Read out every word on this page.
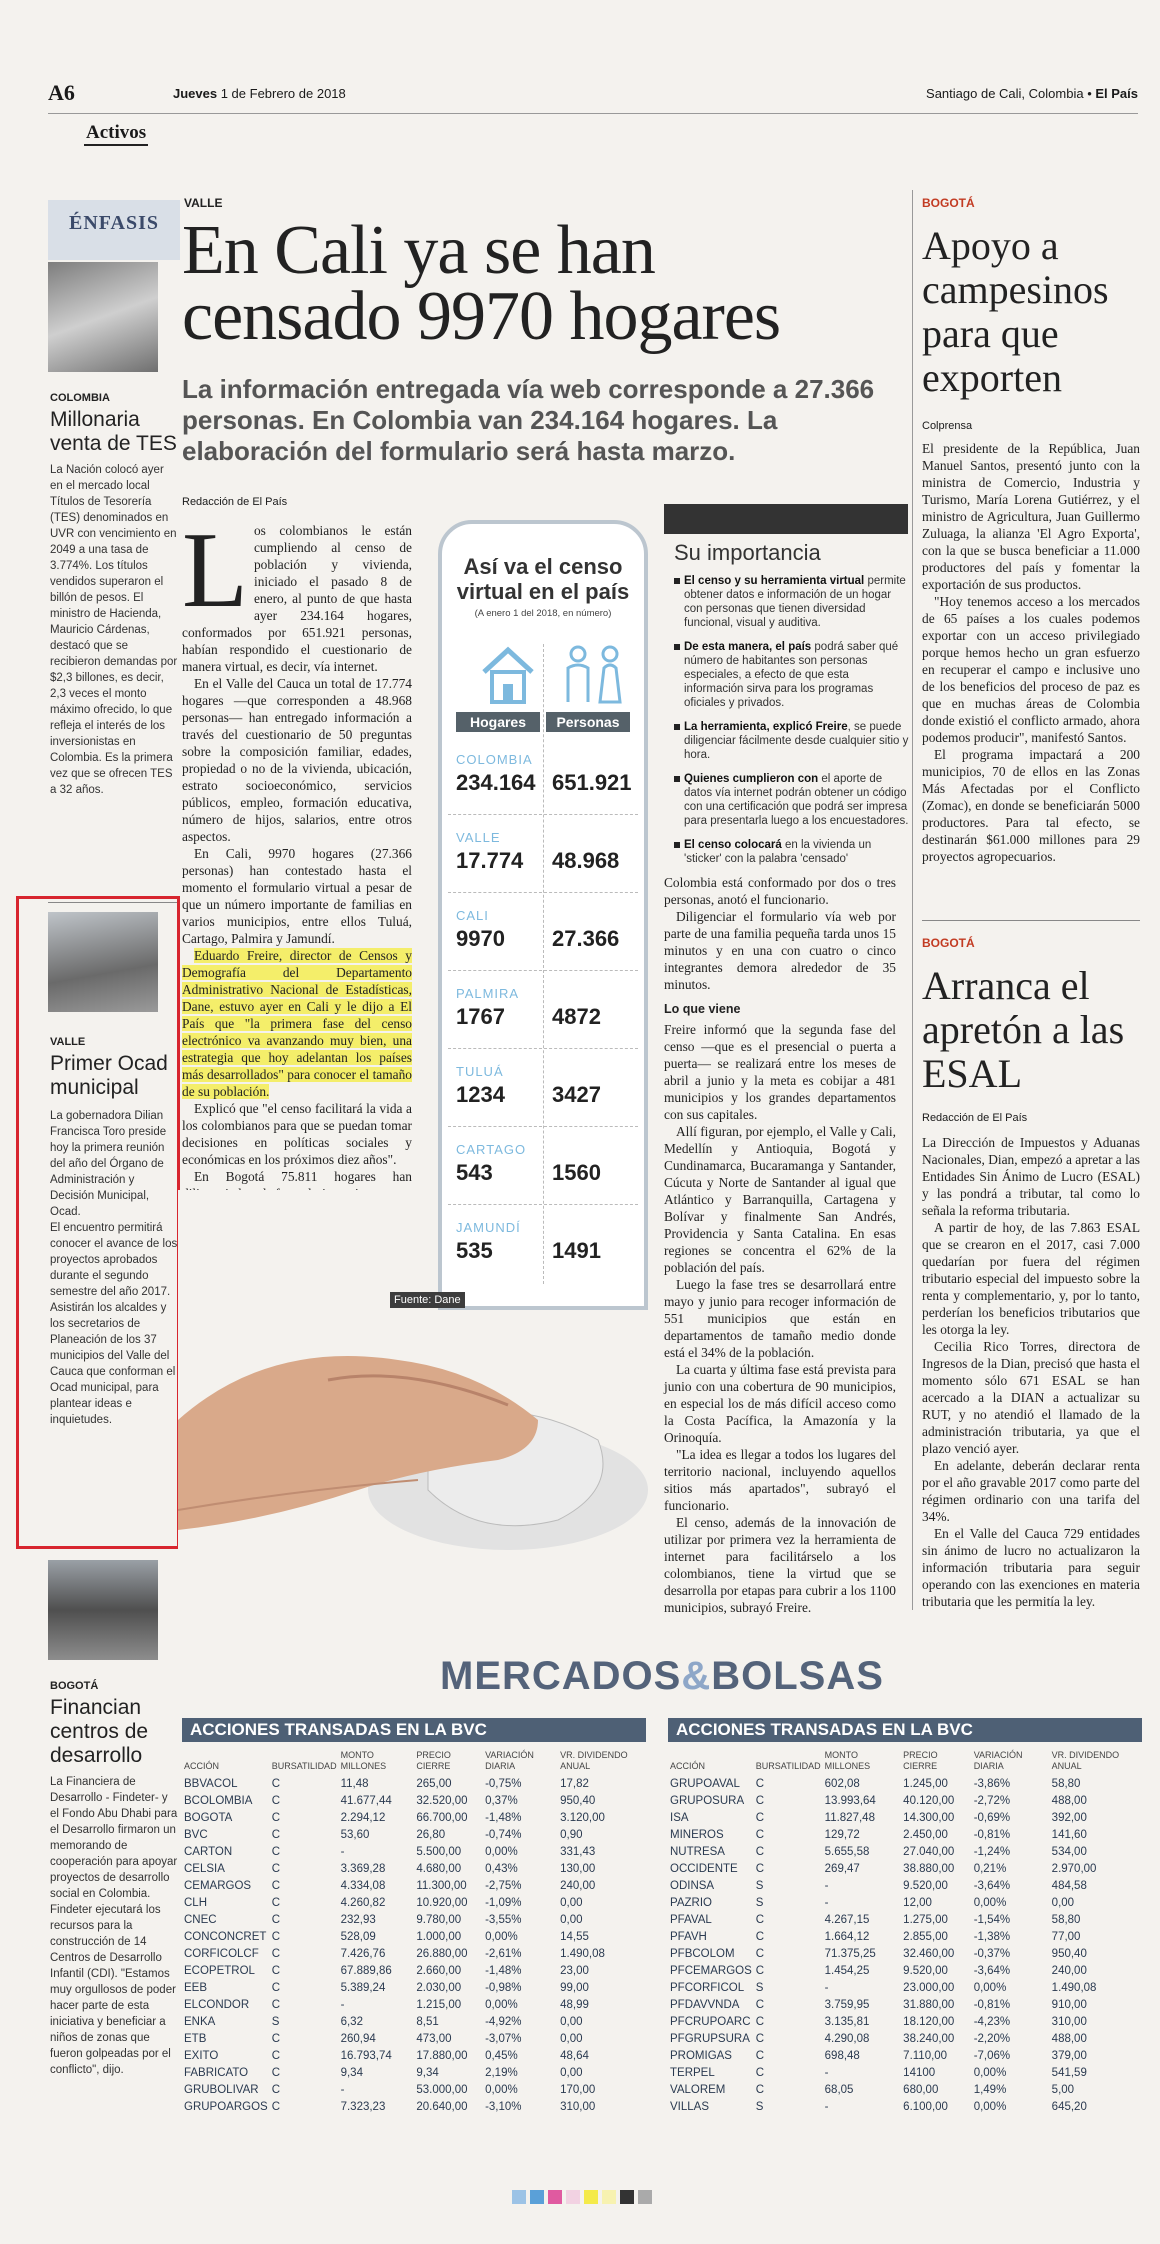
A6	Jueves 1 de Febrero de 2018	Santiago de Cali, Colombia • El País
Activos
ÉNFASIS
COLOMBIA
Millonaria venta de TES
La Nación colocó ayer en el mercado local Títulos de Tesorería (TES) denominados en UVR con vencimiento en 2049 a una tasa de 3.774%. Los títulos vendidos superaron el billón de pesos. El ministro de Hacienda, Mauricio Cárdenas, destacó que se recibieron demandas por $2,3 billones, es decir, 2,3 veces el monto máximo ofrecido, lo que refleja el interés de los inversionistas en Colombia. Es la primera vez que se ofrecen TES a 32 años.
VALLE
Primer Ocad municipal
La gobernadora Dilian Francisca Toro preside hoy la primera reunión del año del Órgano de Administración y Decisión Municipal, Ocad.
El encuentro permitirá conocer el avance de los proyectos aprobados durante el segundo semestre del año 2017.
Asistirán los alcaldes y los secretarios de Planeación de los 37 municipios del Valle del Cauca que conforman el Ocad municipal, para plantear ideas e inquietudes.
BOGOTÁ
Financian centros de desarrollo
La Financiera de Desarrollo - Findeter- y el Fondo Abu Dhabi para el Desarrollo firmaron un memorando de cooperación para apoyar proyectos de desarrollo social en Colombia. Findeter ejecutará los recursos para la construcción de 14 Centros de Desarrollo Infantil (CDI). "Estamos muy orgullosos de poder hacer parte de esta iniciativa y beneficiar a niños de zonas que fueron golpeadas por el conflicto", dijo.
VALLE
En Cali ya se han censado 9970 hogares
La información entregada vía web corresponde a 27.366 personas. En Colombia van 234.164 hogares. La elaboración del formulario será hasta marzo.
Redacción de El País
L os colombianos le están cumpliendo al censo de población y vivienda, iniciado el pasado 8 de enero, al punto de que hasta ayer 234.164 hogares, conformados por 651.921 personas, habían respondido el cuestionario de manera virtual, es decir, vía internet.

En el Valle del Cauca un total de 17.774 hogares —que corresponden a 48.968 personas— han entregado información a través del cuestionario de 50 preguntas sobre la composición familiar, edades, propiedad o no de la vivienda, ubicación, estrato socioeconómico, servicios públicos, empleo, formación educativa, número de hijos, salarios, entre otros aspectos.

En Cali, 9970 hogares (27.366 personas) han contestado hasta el momento el formulario virtual a pesar de que un número importante de familias en varios municipios, entre ellos Tuluá, Cartago, Palmira y Jamundí.

Eduardo Freire, director de Censos y Demografía del Departamento Administrativo Nacional de Estadísticas, Dane, estuvo ayer en Cali y le dijo a El País que "la primera fase del censo electrónico va avanzando muy bien, una estrategia que hoy adelantan los países más desarrollados" para conocer el tamaño de su población.

Explicó que "el censo facilitará la vida a los colombianos para que se puedan tomar decisiones en políticas sociales y económicas en los próximos diez años".

En Bogotá 75.811 hogares han

Así va el censo virtual en el país
(A enero 1 del 2018, en número)
Hogares	Personas
COLOMBIA
234.164 651.921
VALLE
17.774 48.968
CALI
9970 27.366
PALMIRA
1767 4872
TULUÁ
1234 3427
CARTAGO
543	1560
JAMUNDÍ
535	1491
Fuente: Dane
Su importancia
El censo y su herramienta virtual permite obtener datos e información de un hogar con personas que tienen diversidad funcional, visual y auditiva.
De esta manera, el país podrá saber qué número de habitantes son personas especiales, a efecto de que esta información sirva para los programas oficiales y privados.
La herramienta, explicó Freire, se puede diligenciar fácilmente desde cualquier sitio y hora.
Quienes cumplieron con el aporte de datos vía internet podrán obtener un código con una certificación que podrá ser impresa para presentarla luego a los encuestadores.
El censo colocará en la vivienda un 'sticker' con la palabra 'censado'

Colombia está conformado por dos o tres personas, anotó el funcionario.

Diligenciar el formulario vía web por parte de una familia pequeña tarda unos 15 minutos y en una con cuatro o cinco integrantes demora alrededor de 35 minutos.

Lo que viene

Freire informó que la segunda fase del censo —que es el presencial o puerta a puerta— se realizará entre los meses de abril a junio y la meta es cobijar a 481 municipios y los grandes departamentos con sus capitales.

Allí figuran, por ejemplo, el Valle y Cali, Medellín y Antioquia, Bogotá y Cundinamarca, Bucaramanga y Santander, Cúcuta y Norte de Santander al igual que Atlántico y Barranquilla, Cartagena y Bolívar y finalmente San Andrés, Providencia y Santa Catalina. En esas regiones se concentra el 62% de la población del país.

Luego la fase tres se desarrollará entre mayo y junio para recoger información de 551 municipios que están en departamentos de tamaño medio donde está el 34% de la población.

La cuarta y última fase está prevista para junio con una cobertura de 90 municipios, en especial los de más difícil acceso como la Costa Pacífica, la Amazonía y la Orinoquía.

"La idea es llegar a todos los lugares del territorio nacional, incluyendo aquellos sitios más apartados", subrayó el funcionario.

El censo, además de la innovación de utilizar por primera vez la herramienta de internet para facilitárselo a los colombianos, tiene la virtud que se desarrolla por etapas para cubrir a los 1100 municipios, subrayó Freire.

BOGOTÁ
Apoyo a campesinos para que exporten
Colprensa

El presidente de la República, Juan Manuel Santos, presentó junto con la ministra de Comercio, Industria y Turismo, María Lorena Gutiérrez, y el ministro de Agricultura, Juan Guillermo Zuluaga, la alianza 'El Agro Exporta', con la que se busca beneficiar a 11.000 productores del país y fomentar la exportación de sus productos.

"Hoy tenemos acceso a los mercados de 65 países a los cuales podemos exportar con un acceso privilegiado porque hemos hecho un gran esfuerzo en recuperar el campo e inclusive uno de los beneficios del proceso de paz es que en muchas áreas de Colombia donde existió el conflicto armado, ahora podemos producir", manifestó Santos.

El programa impactará a 200 municipios, 70 de ellos en las Zonas Más Afectadas por el Conflicto (Zomac), en donde se beneficiarán 5000 productores. Para tal efecto, se destinarán $61.000 millones para 29 proyectos agropecuarios.

BOGOTÁ
Arranca el apretón a las ESAL
Redacción de El País

La Dirección de Impuestos y Aduanas Nacionales, Dian, empezó a apretar a las Entidades Sin Ánimo de Lucro (ESAL) y las pondrá a tributar, tal como lo señala la reforma tributaria.

A partir de hoy, de las 7.863 ESAL que se crearon en el 2017, casi 7.000 quedarían por fuera del régimen tributario especial del impuesto sobre la renta y complementario, y, por lo tanto, perderían los beneficios tributarios que les otorga la ley.

Cecilia Rico Torres, directora de Ingresos de la Dian, precisó que hasta el momento sólo 671 ESAL se han acercado a la DIAN a actualizar su RUT, y no atendió el llamado de la administración tributaria, ya que el plazo venció ayer.

En adelante, deberán declarar renta por el año gravable 2017 como parte del régimen ordinario con una tarifa del 34%.

En el Valle del Cauca 729 entidades sin ánimo de lucro no actualizaron la información tributaria para seguir operando con las exenciones en materia tributaria que les permitía la ley.

MERCADOS&BOLSAS
ACCIONES TRANSADAS EN LA BVC
ACCIÓN	BURSATILIDAD	MONTO MILLONES	PRECIO CIERRE	VARIACIÓN DIARIA	VR. DIVIDENDO ANUAL
BBVACOL	C	11,48	265,00	-0,75%	17,82
BCOLOMBIA	C	41.677,44	32.520,00	0,37%	950,40
BOGOTA	C	2.294,12	66.700,00	-1,48%	3.120,00
BVC	C	53,60	26,80	-0,74%	0,90
CARTON	C	-	5.500,00	0,00%	331,43
CELSIA	C	3.369,28	4.680,00	0,43%	130,00
CEMARGOS	C	4.334,08	11.300,00	-2,75%	240,00
CLH	C	4.260,82	10.920,00	-1,09%	0,00
CNEC	C	232,93	9.780,00	-3,55%	0,00
CONCONCRET	C	528,09	1.000,00	0,00%	14,55
CORFICOLCF	C	7.426,76	26.880,00	-2,61%	1.490,08
ECOPETROL	C	67.889,86	2.660,00	-1,48%	23,00
EEB	C	5.389,24	2.030,00	-0,98%	99,00
ELCONDOR	C	-	1.215,00	0,00%	48,99
ENKA	S	6,32	8,51	-4,92%	0,00
ETB	C	260,94	473,00	-3,07%	0,00
EXITO	C	16.793,74	17.880,00	0,45%	48,64
FABRICATO	C	9,34	9,34	2,19%	0,00
GRUBOLIVAR	C	-	53.000,00	0,00%	170,00
GRUPOARGOS	C	7.323,23	20.640,00	-3,10%	310,00
ACCIONES TRANSADAS EN LA BVC
ACCIÓN	BURSATILIDAD	MONTO MILLONES	PRECIO CIERRE	VARIACIÓN DIARIA	VR. DIVIDENDO ANUAL
GRUPOAVAL	C	602,08	1.245,00	-3,86%	58,80
GRUPOSURA	C	13.993,64	40.120,00	-2,72%	488,00
ISA	C	11.827,48	14.300,00	-0,69%	392,00
MINEROS	C	129,72	2.450,00	-0,81%	141,60
NUTRESA	C	5.655,58	27.040,00	-1,24%	534,00
OCCIDENTE	C	269,47	38.880,00	0,21%	2.970,00
ODINSA	S	-	9.520,00	-3,64%	484,58
PAZRIO	S	-	12,00	0,00%	0,00
PFAVAL	C	4.267,15	1.275,00	-1,54%	58,80
PFAVH	C	1.664,12	2.855,00	-1,38%	77,00
PFBCOLOM	C	71.375,25	32.460,00	-0,37%	950,40
PFCEMARGOS	C	1.454,25	9.520,00	-3,64%	240,00
PFCORFICOL	S	-	23.000,00	0,00%	1.490,08
PFDAVVNDA	C	3.759,95	31.880,00	-0,81%	910,00
PFCRUPOARC	C	3.135,81	18.120,00	-4,23%	310,00
PFGRUPSURA	C	4.290,08	38.240,00	-2,20%	488,00
PROMIGAS	C	698,48	7.110,00	-7,06%	379,00
TERPEL	C	-	14100	0,00%	541,59
VALOREM	C	68,05	680,00	1,49%	5,00
VILLAS	S	-	6.100,00	0,00%	645,20
